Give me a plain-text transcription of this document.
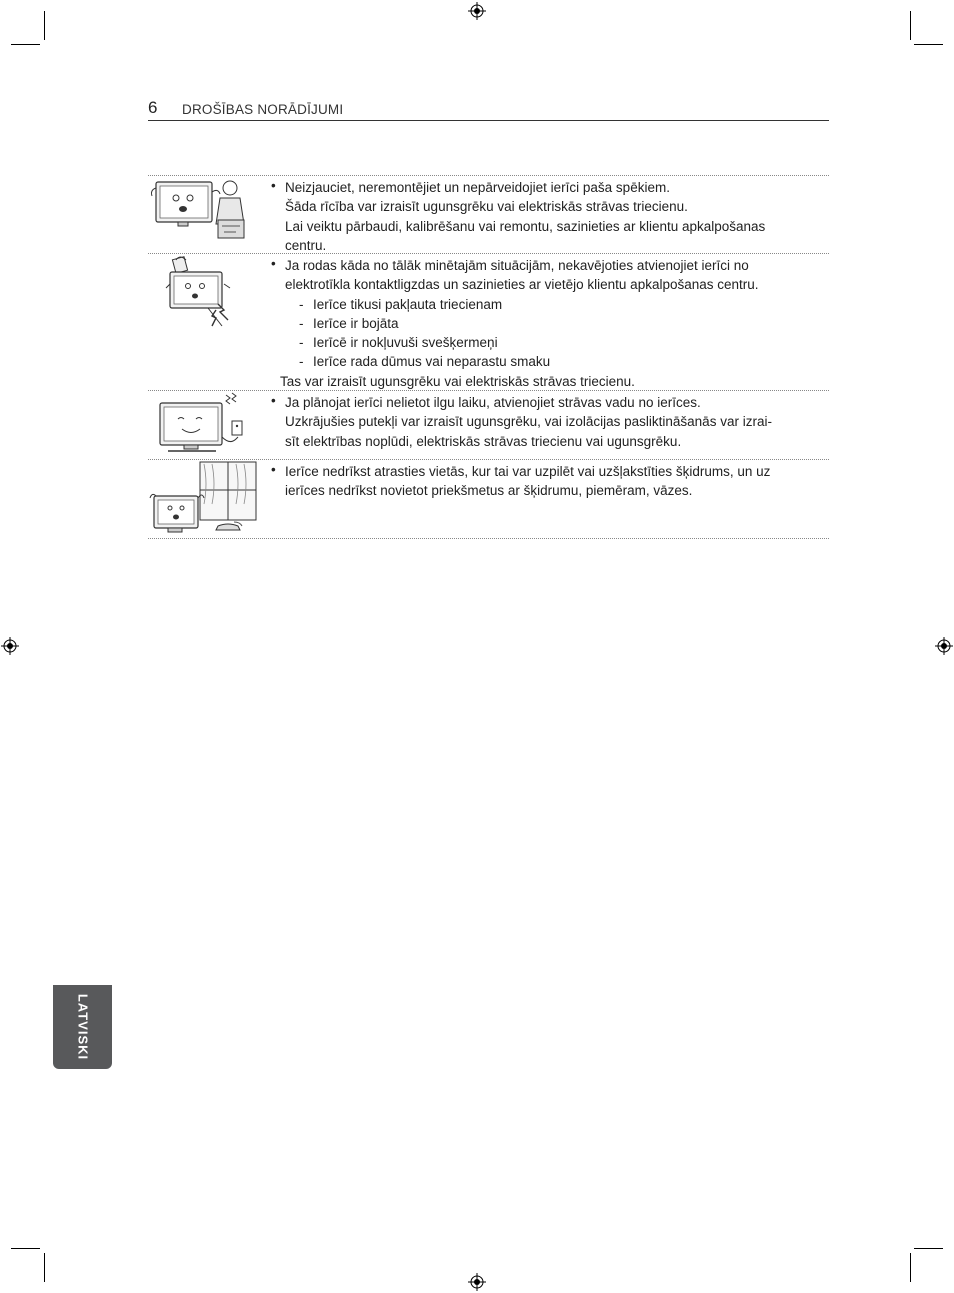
6 DROŠĪBAS NORĀDĪJUMI
• Neizjauciet, neremontējiet un nepārveidojiet ierīci paša spēkiem.
Šāda rīcība var izraisīt ugunsgrēku vai elektriskās strāvas triecienu.
Lai veiktu pārbaudi, kalibrēšanu vai remontu, sazinieties ar klientu apkalpošanas
centru.
• Ja rodas kāda no tālāk minētajām situācijām, nekavējoties atvienojiet ierīci no
elektrotīkla kontaktligzdas un sazinieties ar vietējo klientu apkalpošanas centru.
- Ierīce tikusi pakļauta triecienam
- Ierīce ir bojāta
- Ierīcē ir nokļuvuši svešķermeņi
- Ierīce rada dūmus vai neparastu smaku
Tas var izraisīt ugunsgrēku vai elektriskās strāvas triecienu.
• Ja plānojat ierīci nelietot ilgu laiku, atvienojiet strāvas vadu no ierīces.
Uzkrājušies putekļi var izraisīt ugunsgrēku, vai izolācijas pasliktināšanās var izrai-
sīt elektrības noplūdi, elektriskās strāvas triecienu vai ugunsgrēku.
• Ierīce nedrīkst atrasties vietās, kur tai var uzpilēt vai uzšļakstīties šķidrums, un uz
ierīces nedrīkst novietot priekšmetus ar šķidrumu, piemēram, vāzes.
LATVISKI
